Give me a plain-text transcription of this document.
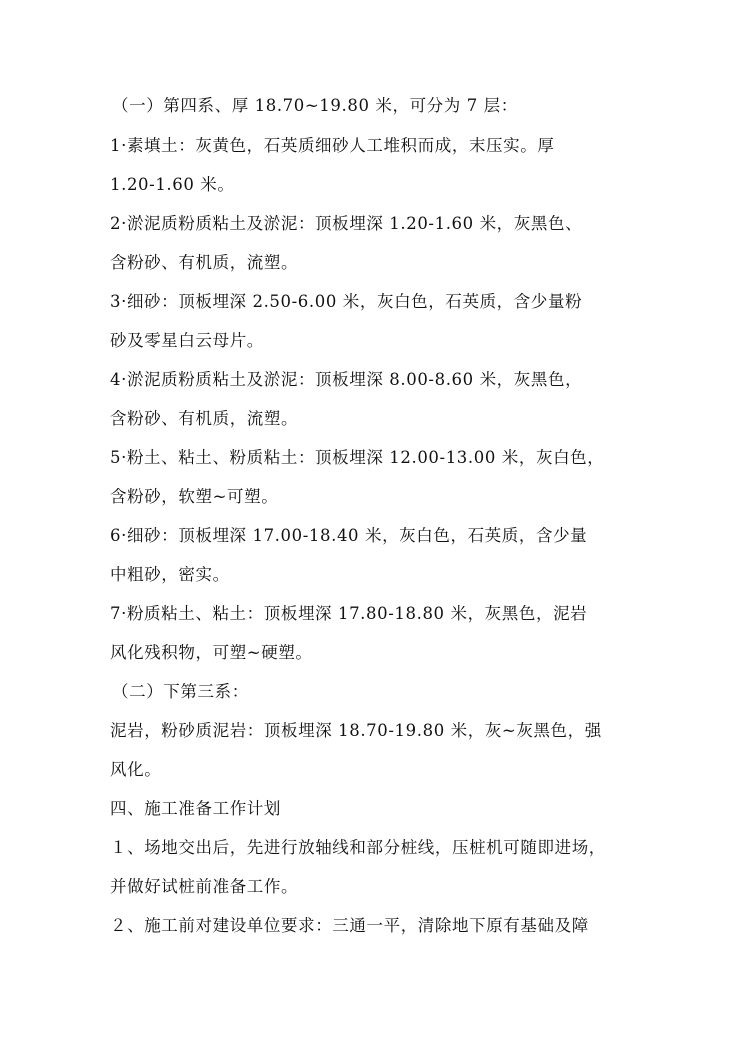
（一）第四系、厚 18.70~19.80 米，可分为 7 层：
1·素填土：灰黄色，石英质细砂人工堆积而成，末压实。厚
1.20-1.60 米。
2·淤泥质粉质粘土及淤泥：顶板埋深 1.20-1.60 米，灰黑色、
含粉砂、有机质，流塑。
3·细砂：顶板埋深 2.50-6.00 米，灰白色，石英质，含少量粉
砂及零星白云母片。
4·淤泥质粉质粘土及淤泥：顶板埋深 8.00-8.60 米，灰黑色，
含粉砂、有机质，流塑。
5·粉土、粘土、粉质粘土：顶板埋深 12.00-13.00 米，灰白色，
含粉砂，软塑~可塑。
6·细砂：顶板埋深 17.00-18.40 米，灰白色，石英质，含少量
中粗砂，密实。
7·粉质粘土、粘土：顶板埋深 17.80-18.80 米，灰黑色，泥岩
风化残积物，可塑~硬塑。
（二）下第三系：
泥岩，粉砂质泥岩：顶板埋深 18.70-19.80 米，灰~灰黑色，强
风化。
四、施工准备工作计划
１、场地交出后，先进行放轴线和部分桩线，压桩机可随即进场，
并做好试桩前准备工作。
２、施工前对建设单位要求：三通一平，清除地下原有基础及障
